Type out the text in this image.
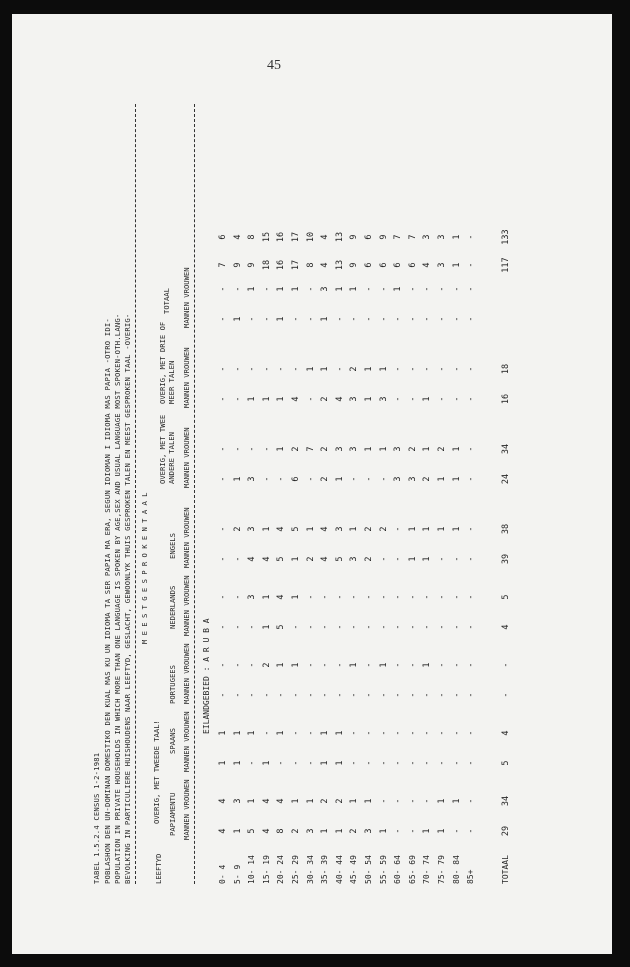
45
TABEL 1.5.2.4 CENSUS 1-2-1981 POBLASHON DEN UN-DOMINAN DOMESTIKO DEN KUAL MAS KU UN IDIOMA TA SER PAPIA MA ERA, SEGUN IDIOMAN I IDIOMA MAS PAPIA -OTRO IDI- POPULATION IN PRIVATE HOUSEHOLDS IN WHICH MORE THAN ONE LANGUAGE IS SPOKEN BY AGE,SEX AND USUAL LANGUAGE MOST SPOKEN-OTH.LANG- BEVOLKING IN PARTICULIERE HUISHOUDENS NAAR LEEFTYD, GESLACHT, GEWOONLYK THUIS GESPROKEN TALEN EN MEEST GESPROKEN TAAL -OVERIG-	LEEFTYD
M E E S T G E S P R O K E N T A A L
OVERIG, MET TWEEDE TAAL! PAPIAMENTU
SPAANS
PORTUGEES
NEDERLANDS
ENGELS
OVERIG, MET TWEE ANDERE TALEN
OVERIG, MET DRIE OF MEER TALEN
TOTAAL
MANNEN VROUWEN
MANNEN VROUWEN
MANNEN VROUWEN
MANNEN VROUWEN
MANNEN VROUWEN
MANNEN VROUWEN
MANNEN VROUWEN
MANNEN VROUWEN
EILANDGEBIED : A R U B A
0- 4
4
4
1
1
-
-
-
-
-
-
-
-
-
-
-
-
7
6
5- 9
1
3
1
1
-
-
-
-
-
2
1
-
-
-
1
-
9
4
10- 14
5
1
-
1
-
-
-
3
4
3
3
-
1
-
-
1
9
8
15- 19
4
4
1
-
-
2
1
1
4
1
-
-
1
-
-
-
18
15
20- 24
8
4
-
1
-
1
5
4
5
4
-
1
1
-
1
1
16
16
25- 29
2
1
-
-
-
1
-
1
1
5
6
2
4
-
-
1
17
17
30- 34
3
1
-
-
-
-
-
-
2
1
-
7
-
1
-
-
8
10
35- 39
1
2
1
1
-
-
-
-
4
4
2
2
2
1
1
3
4
4
40- 44
1
2
1
1
-
-
-
-
5
3
1
3
4
-
-
1
13
13
45- 49
2
1
-
-
-
1
-
-
3
1
-
3
3
2
-
1
9
9
50- 54
3
1
-
-
-
-
-
-
2
2
-
1
1
1
-
-
6
6
55- 59
1
-
-
-
-
1
-
-
-
2
-
1
3
1
-
-
6
9
60- 64
-
-
-
-
-
-
-
-
-
-
3
3
-
-
-
1
6
7
65- 69
-
-
-
-
-
-
-
-
1
1
3
2
-
-
-
-
6
7
70- 74
1
-
-
-
-
1
-
-
1
1
2
1
1
-
-
-
4
3
75- 79
1
1
-
-
-
-
-
-
-
1
1
2
-
-
-
-
3
3
80- 84
-
1
-
-
-
-
-
-
-
1
1
1
-
-
-
-
1
1
85+
-
-
-
-
-
-
-
-
-
-
-
-
-
-
-
-
-
-
29
34
5
4
-
-
4
5
39
38
24
34
16
18
117
133
TOTAAL
